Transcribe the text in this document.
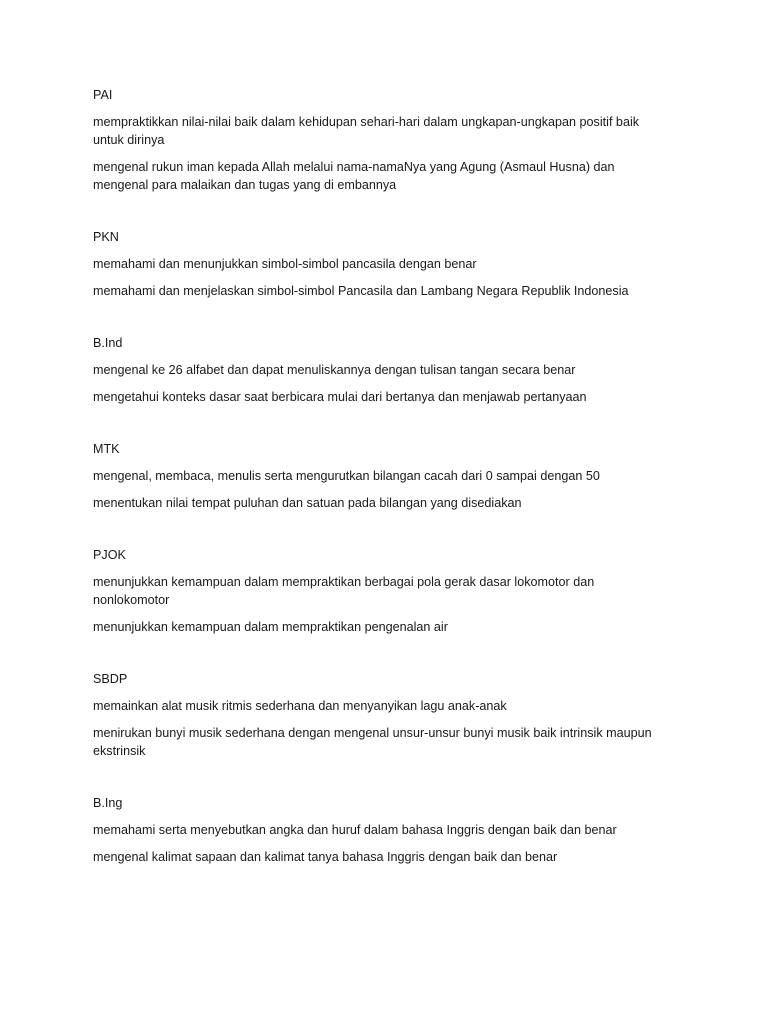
PAI

mempraktikkan nilai-nilai baik dalam kehidupan sehari-hari dalam ungkapan-ungkapan positif baik untuk dirinya

mengenal rukun iman kepada Allah melalui nama-namaNya yang Agung (Asmaul Husna) dan mengenal para malaikan dan tugas yang di embannya

PKN

memahami dan menunjukkan simbol-simbol pancasila dengan benar

memahami dan menjelaskan simbol-simbol Pancasila dan Lambang Negara Republik Indonesia

B.Ind

mengenal ke 26 alfabet dan dapat menuliskannya dengan tulisan tangan secara benar

mengetahui konteks dasar saat berbicara mulai dari bertanya dan menjawab pertanyaan

MTK

mengenal, membaca, menulis serta mengurutkan bilangan cacah dari 0 sampai dengan 50

menentukan nilai tempat puluhan dan satuan pada bilangan yang disediakan

PJOK

menunjukkan kemampuan dalam mempraktikan berbagai pola gerak dasar lokomotor dan nonlokomotor

menunjukkan kemampuan dalam mempraktikan pengenalan air

SBDP

memainkan alat musik ritmis sederhana dan menyanyikan lagu anak-anak

menirukan bunyi musik sederhana dengan mengenal unsur-unsur bunyi musik baik intrinsik maupun ekstrinsik

B.Ing

memahami serta menyebutkan angka dan huruf dalam bahasa Inggris dengan baik dan benar

mengenal kalimat sapaan dan kalimat tanya bahasa Inggris dengan baik dan benar
